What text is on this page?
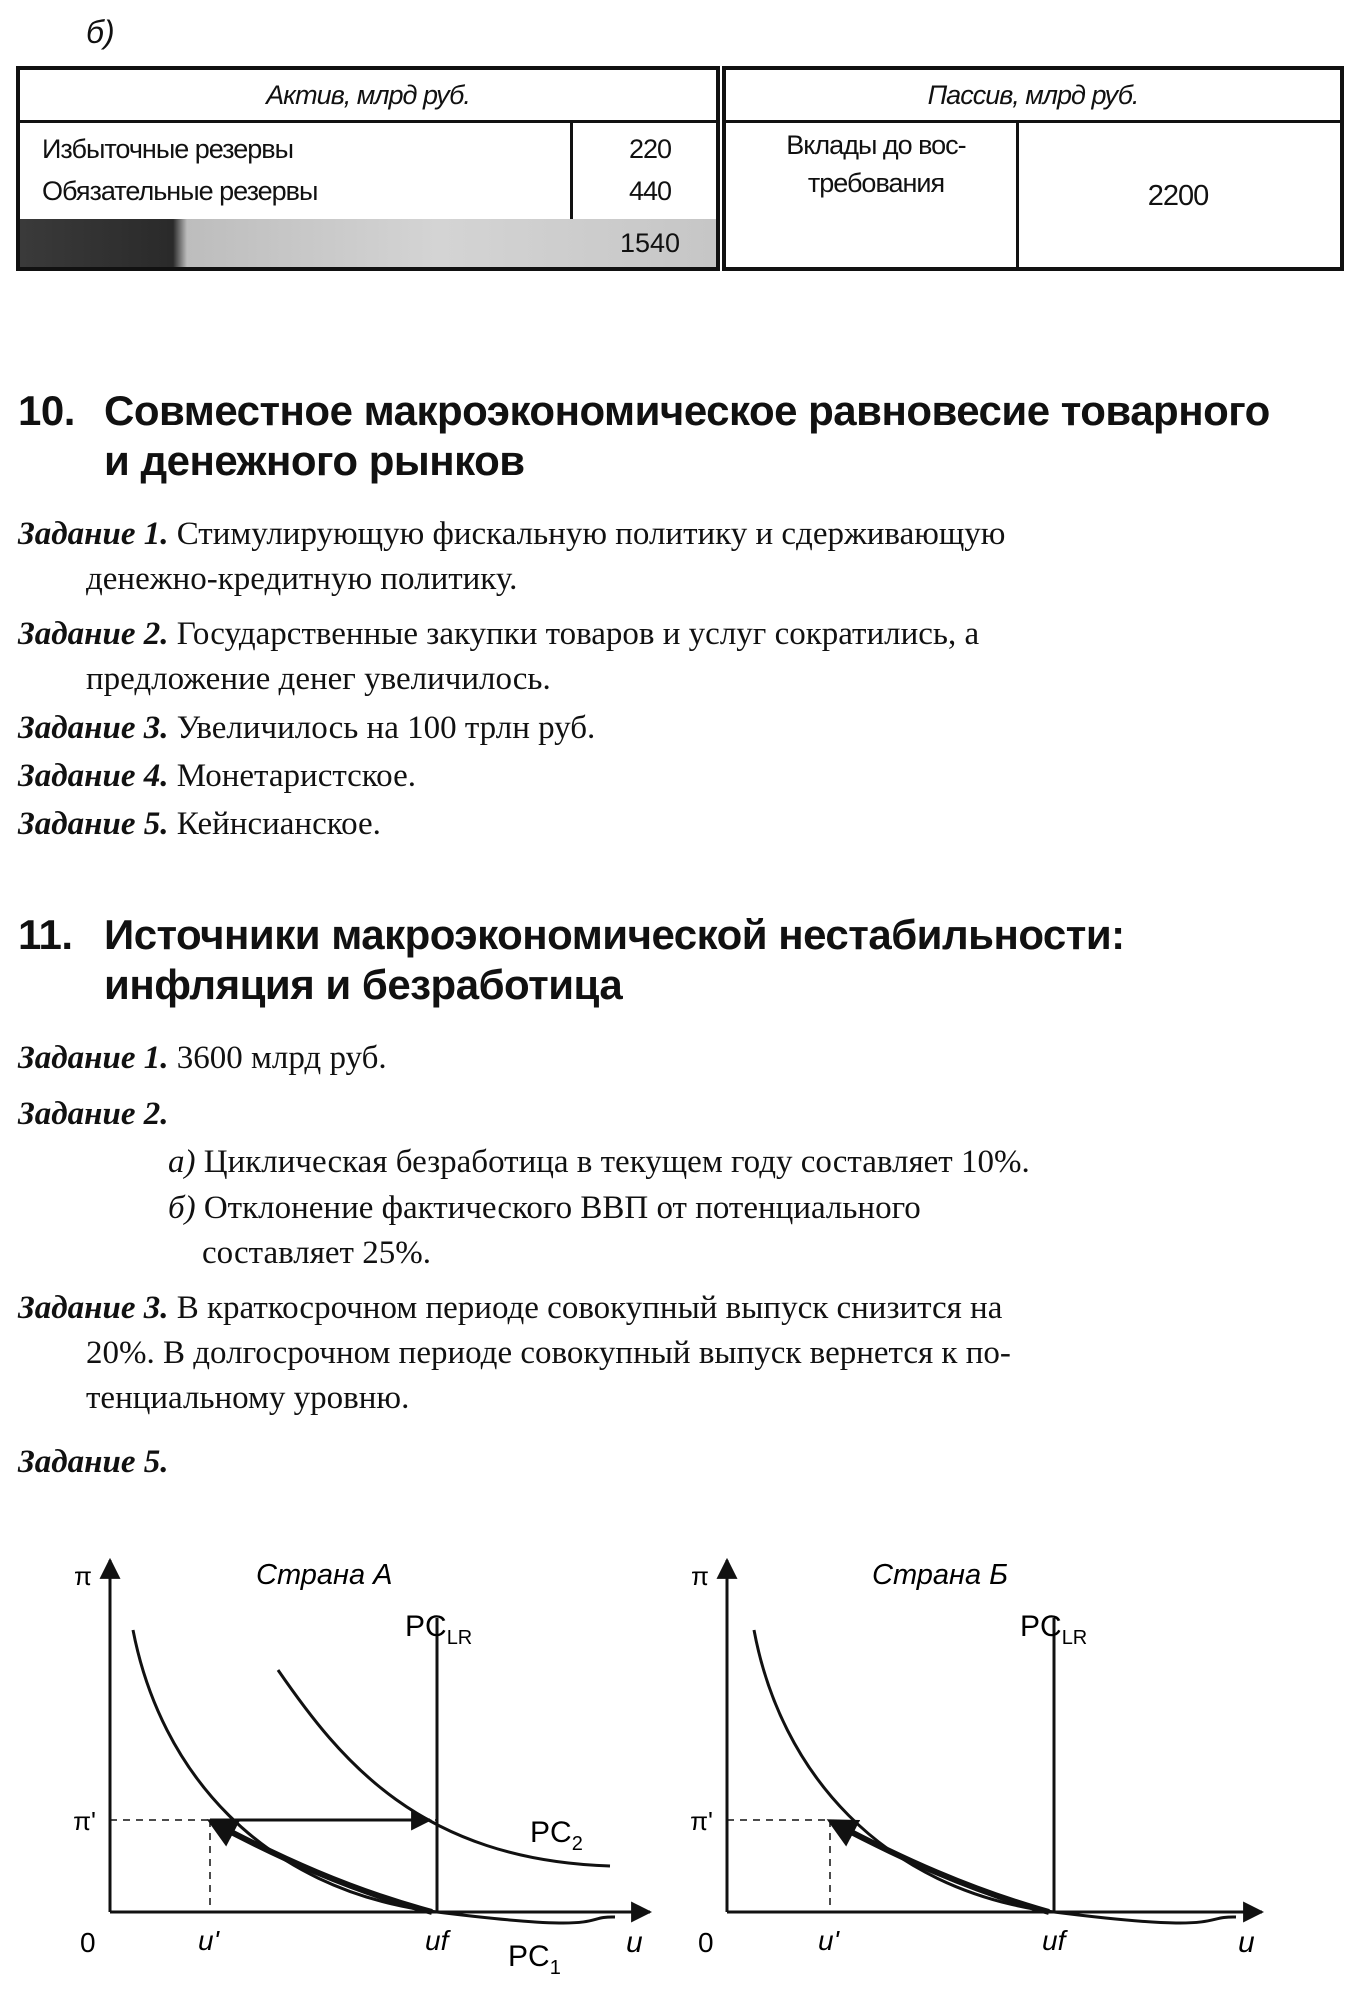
б)
Актив, млрд руб.
Избыточные резервы	220
Обязательные резервы	440
1540
Пассив, млрд руб.
Вклады до вос-
требования	2200
10. Совместное макроэкономическое равновесие товарного
и денежного рынков
Задание 1. Стимулирующую фискальную политику и сдерживающую
денежно-кредитную политику.
Задание 2. Государственные закупки товаров и услуг сократились, а
предложение денег увеличилось.
Задание 3. Увеличилось на 100 трлн руб.
Задание 4. Монетаристское.
Задание 5. Кейнсианское.
11. Источники макроэкономической нестабильности:
инфляция и безработица
Задание 1. 3600 млрд руб.
Задание 2.
а) Циклическая безработица в текущем году составляет 10%.
б) Отклонение фактического ВВП от потенциального
составляет 25%.
Задание 3. В краткосрочном периоде совокупный выпуск снизится на
20%. В долгосрочном периоде совокупный выпуск вернется к по-
тенциальному уровню.
Задание 5.
π
u
0
Страна А
$PC_{LR}$
$PC_2$
$PC_1$
π'
u'	uf
π
u
0
Страна Б
$PC_{LR}$
π'
u'	uf
